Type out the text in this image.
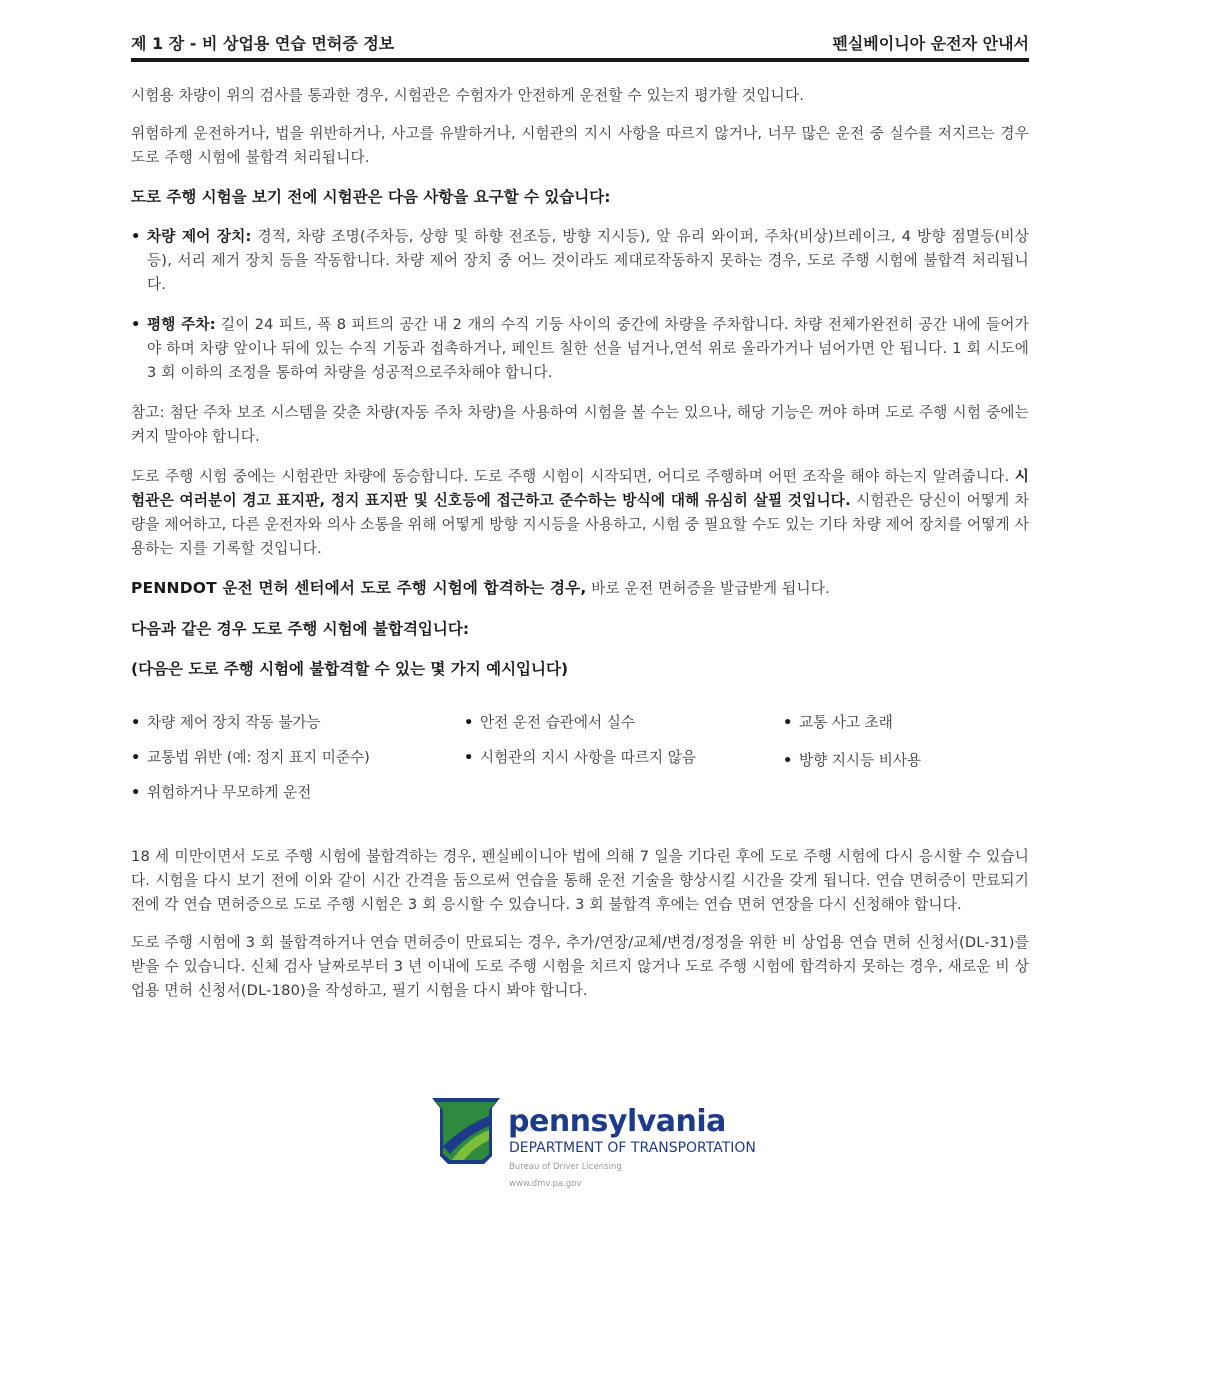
제 1 장 - 비 상업용 연습 면허증 정보	펜실베이니아 운전자 안내서

시험용 차량이 위의 검사를 통과한 경우, 시험관은 수험자가 안전하게 운전할 수 있는지 평가할 것입니다.

위험하게 운전하거나, 법을 위반하거나, 사고를 유발하거나, 시험관의 지시 사항을 따르지 않거나, 너무 많은 운전 중 실수를 저지르는 경우 도로 주행 시험에 불합격 처리됩니다.

도로 주행 시험을 보기 전에 시험관은 다음 사항을 요구할 수 있습니다:

• 차량 제어 장치: 경적, 차량 조명(주차등, 상향 및 하향 전조등, 방향 지시등), 앞 유리 와이퍼, 주차(비상)브레이크, 4 방향 점멸등(비상등), 서리 제거 장치 등을 작동합니다. 차량 제어 장치 중 어느 것이라도 제대로작동하지 못하는 경우, 도로 주행 시험에 불합격 처리됩니다.

• 평행 주차: 길이 24 피트, 폭 8 피트의 공간 내 2 개의 수직 기둥 사이의 중간에 차량을 주차합니다. 차량 전체가완전히 공간 내에 들어가야 하며 차량 앞이나 뒤에 있는 수직 기둥과 접촉하거나, 페인트 칠한 선을 넘거나,연석 위로 올라가거나 넘어가면 안 됩니다. 1 회 시도에 3 회 이하의 조정을 통하여 차량을 성공적으로주차해야 합니다.

참고: 첨단 주차 보조 시스템을 갖춘 차량(자동 주차 차량)을 사용하여 시험을 볼 수는 있으나, 해당 기능은 꺼야 하며 도로 주행 시험 중에는 켜지 말아야 합니다.

도로 주행 시험 중에는 시험관만 차량에 동승합니다. 도로 주행 시험이 시작되면, 어디로 주행하며 어떤 조작을 해야 하는지 알려줍니다. 시험관은 여러분이 경고 표지판, 정지 표지판 및 신호등에 접근하고 준수하는 방식에 대해 유심히 살필 것입니다. 시험관은 당신이 어떻게 차량을 제어하고, 다른 운전자와 의사 소통을 위해 어떻게 방향 지시등을 사용하고, 시험 중 필요할 수도 있는 기타 차량 제어 장치를 어떻게 사용하는 지를 기록할 것입니다.

PENNDOT 운전 면허 센터에서 도로 주행 시험에 합격하는 경우, 바로 운전 면허증을 발급받게 됩니다.

다음과 같은 경우 도로 주행 시험에 불합격입니다:

(다음은 도로 주행 시험에 불합격할 수 있는 몇 가지 예시입니다)

• 차량 제어 장치 작동 불가능	• 안전 운전 습관에서 실수	• 교통 사고 초래
• 교통법 위반 (예: 정지 표지 미준수)	• 시험관의 지시 사항을 따르지 않음	• 방향 지시등 비사용
• 위험하거나 무모하게 운전

18 세 미만이면서 도로 주행 시험에 불합격하는 경우, 펜실베이니아 법에 의해 7 일을 기다린 후에 도로 주행 시험에 다시 응시할 수 있습니다. 시험을 다시 보기 전에 이와 같이 시간 간격을 둠으로써 연습을 통해 운전 기술을 향상시킬 시간을 갖게 됩니다. 연습 면허증이 만료되기 전에 각 연습 면허증으로 도로 주행 시험은 3 회 응시할 수 있습니다. 3 회 불합격 후에는 연습 면허 연장을 다시 신청해야 합니다.

도로 주행 시험에 3 회 불합격하거나 연습 면허증이 만료되는 경우, 추가/연장/교체/변경/정정을 위한 비 상업용 연습 면허 신청서(DL-31)를 받을 수 있습니다. 신체 검사 날짜로부터 3 년 이내에 도로 주행 시험을 치르지 않거나 도로 주행 시험에 합격하지 못하는 경우, 새로운 비 상업용 면허 신청서(DL-180)을 작성하고, 필기 시험을 다시 봐야 합니다.

pennsylvania
DEPARTMENT OF TRANSPORTATION
Bureau of Driver Licensing
www.dmv.pa.gov
